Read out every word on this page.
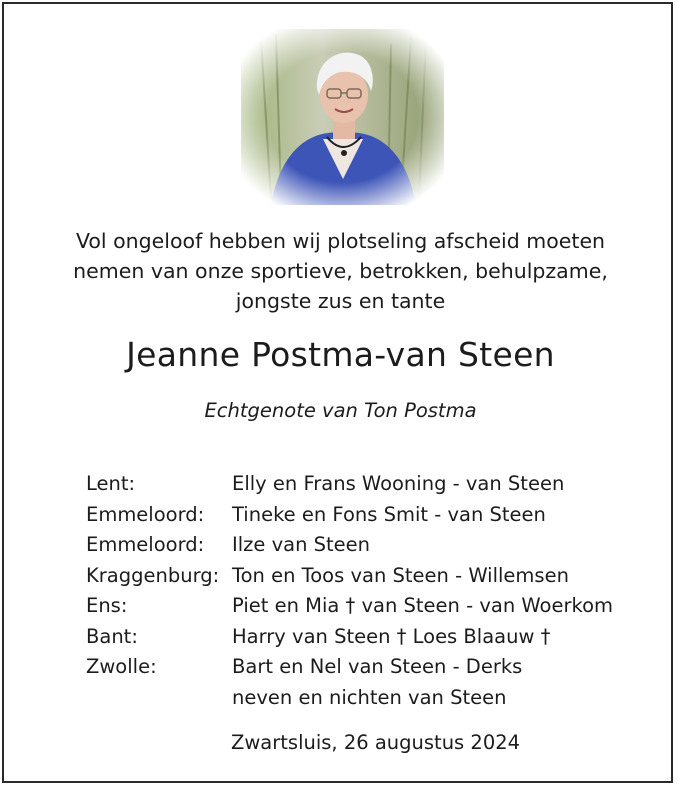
Vol ongeloof hebben wij plotseling afscheid moeten
nemen van onze sportieve, betrokken, behulpzame,
jongste zus en tante
Jeanne Postma-van Steen
Echtgenote van Ton Postma
Lent:	Elly en Frans Wooning - van Steen
Emmeloord:	Tineke en Fons Smit - van Steen
Emmeloord:	Ilze van Steen
Kraggenburg: Ton en Toos van Steen - Willemsen
Ens:	Piet en Mia † van Steen - van Woerkom
Bant:	Harry van Steen † Loes Blaauw †
Zwolle:	Bart en Nel van Steen - Derks
neven en nichten van Steen
Zwartsluis, 26 augustus 2024
